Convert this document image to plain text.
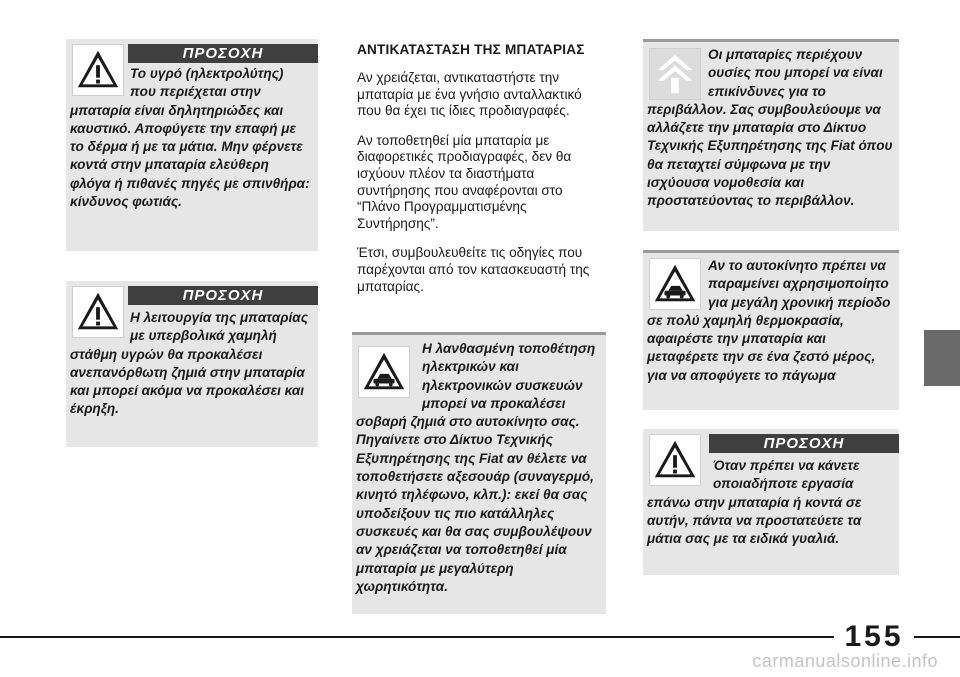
ΠΡΟΣΟΧΗ

Το υγρό (ηλεκτρολύτης) που περιέχεται στην μπαταρία είναι δηλητηριώδες και καυστικό. Αποφύγετε την επαφή με το δέρμα ή με τα μάτια. Μην φέρνετε κοντά στην μπαταρία ελεύθερη φλόγα ή πιθανές πηγές με σπινθήρα: κίνδυνος φωτιάς.

ΠΡΟΣΟΧΗ

Η λειτουργία της μπαταρίας με υπερβολικά χαμηλή στάθμη υγρών θα προκαλέσει ανεπανόρθωτη ζημιά στην μπαταρία και μπορεί ακόμα να προκαλέσει και έκρηξη.

ΑΝΤΙΚΑΤΑΣΤΑΣΗ ΤΗΣ ΜΠΑΤΑΡΙΑΣ

Αν χρειάζεται, αντικαταστήστε την μπαταρία με ένα γνήσιο ανταλλακτικό που θα έχει τις ίδιες προδιαγραφές.

Αν τοποθετηθεί μία μπαταρία με διαφορετικές προδιαγραφές, δεν θα ισχύουν πλέον τα διαστήματα συντήρησης που αναφέρονται στο “Πλάνο Προγραμματισμένης Συντήρησης”.

Έτσι, συμβουλευθείτε τις οδηγίες που παρέχονται από τον κατασκευαστή της μπαταρίας.

Η λανθασμένη τοποθέτηση ηλεκτρικών και ηλεκτρονικών συσκευών μπορεί να προκαλέσει σοβαρή ζημιά στο αυτοκίνητο σας. Πηγαίνετε στο Δίκτυο Τεχνικής Εξυπηρέτησης της Fiat αν θέλετε να τοποθετήσετε αξεσουάρ (συναγερμό, κινητό τηλέφωνο, κλπ.): εκεί θα σας υποδείξουν τις πιο κατάλληλες συσκευές και θα σας συμβουλέψουν αν χρειάζεται να τοποθετηθεί μία μπαταρία με μεγαλύτερη χωρητικότητα.

Οι μπαταρίες περιέχουν ουσίες που μπορεί να είναι επικίνδυνες για το περιβάλλον. Σας συμβουλεύουμε να αλλάζετε την μπαταρία στο Δίκτυο Τεχνικής Εξυπηρέτησης της Fiat όπου θα πεταχτεί σύμφωνα με την ισχύουσα νομοθεσία και προστατεύοντας το περιβάλλον.

Αν το αυτοκίνητο πρέπει να παραμείνει αχρησιμοποίητο για μεγάλη χρονική περίοδο σε πολύ χαμηλή θερμοκρασία, αφαιρέστε την μπαταρία και μεταφέρετε την σε ένα ζεστό μέρος, για να αποφύγετε το πάγωμα

ΠΡΟΣΟΧΗ

Όταν πρέπει να κάνετε οποιαδήποτε εργασία επάνω στην μπαταρία ή κοντά σε αυτήν, πάντα να προστατεύετε τα μάτια σας με τα ειδικά γυαλιά.

155
carmanualsonline.info
